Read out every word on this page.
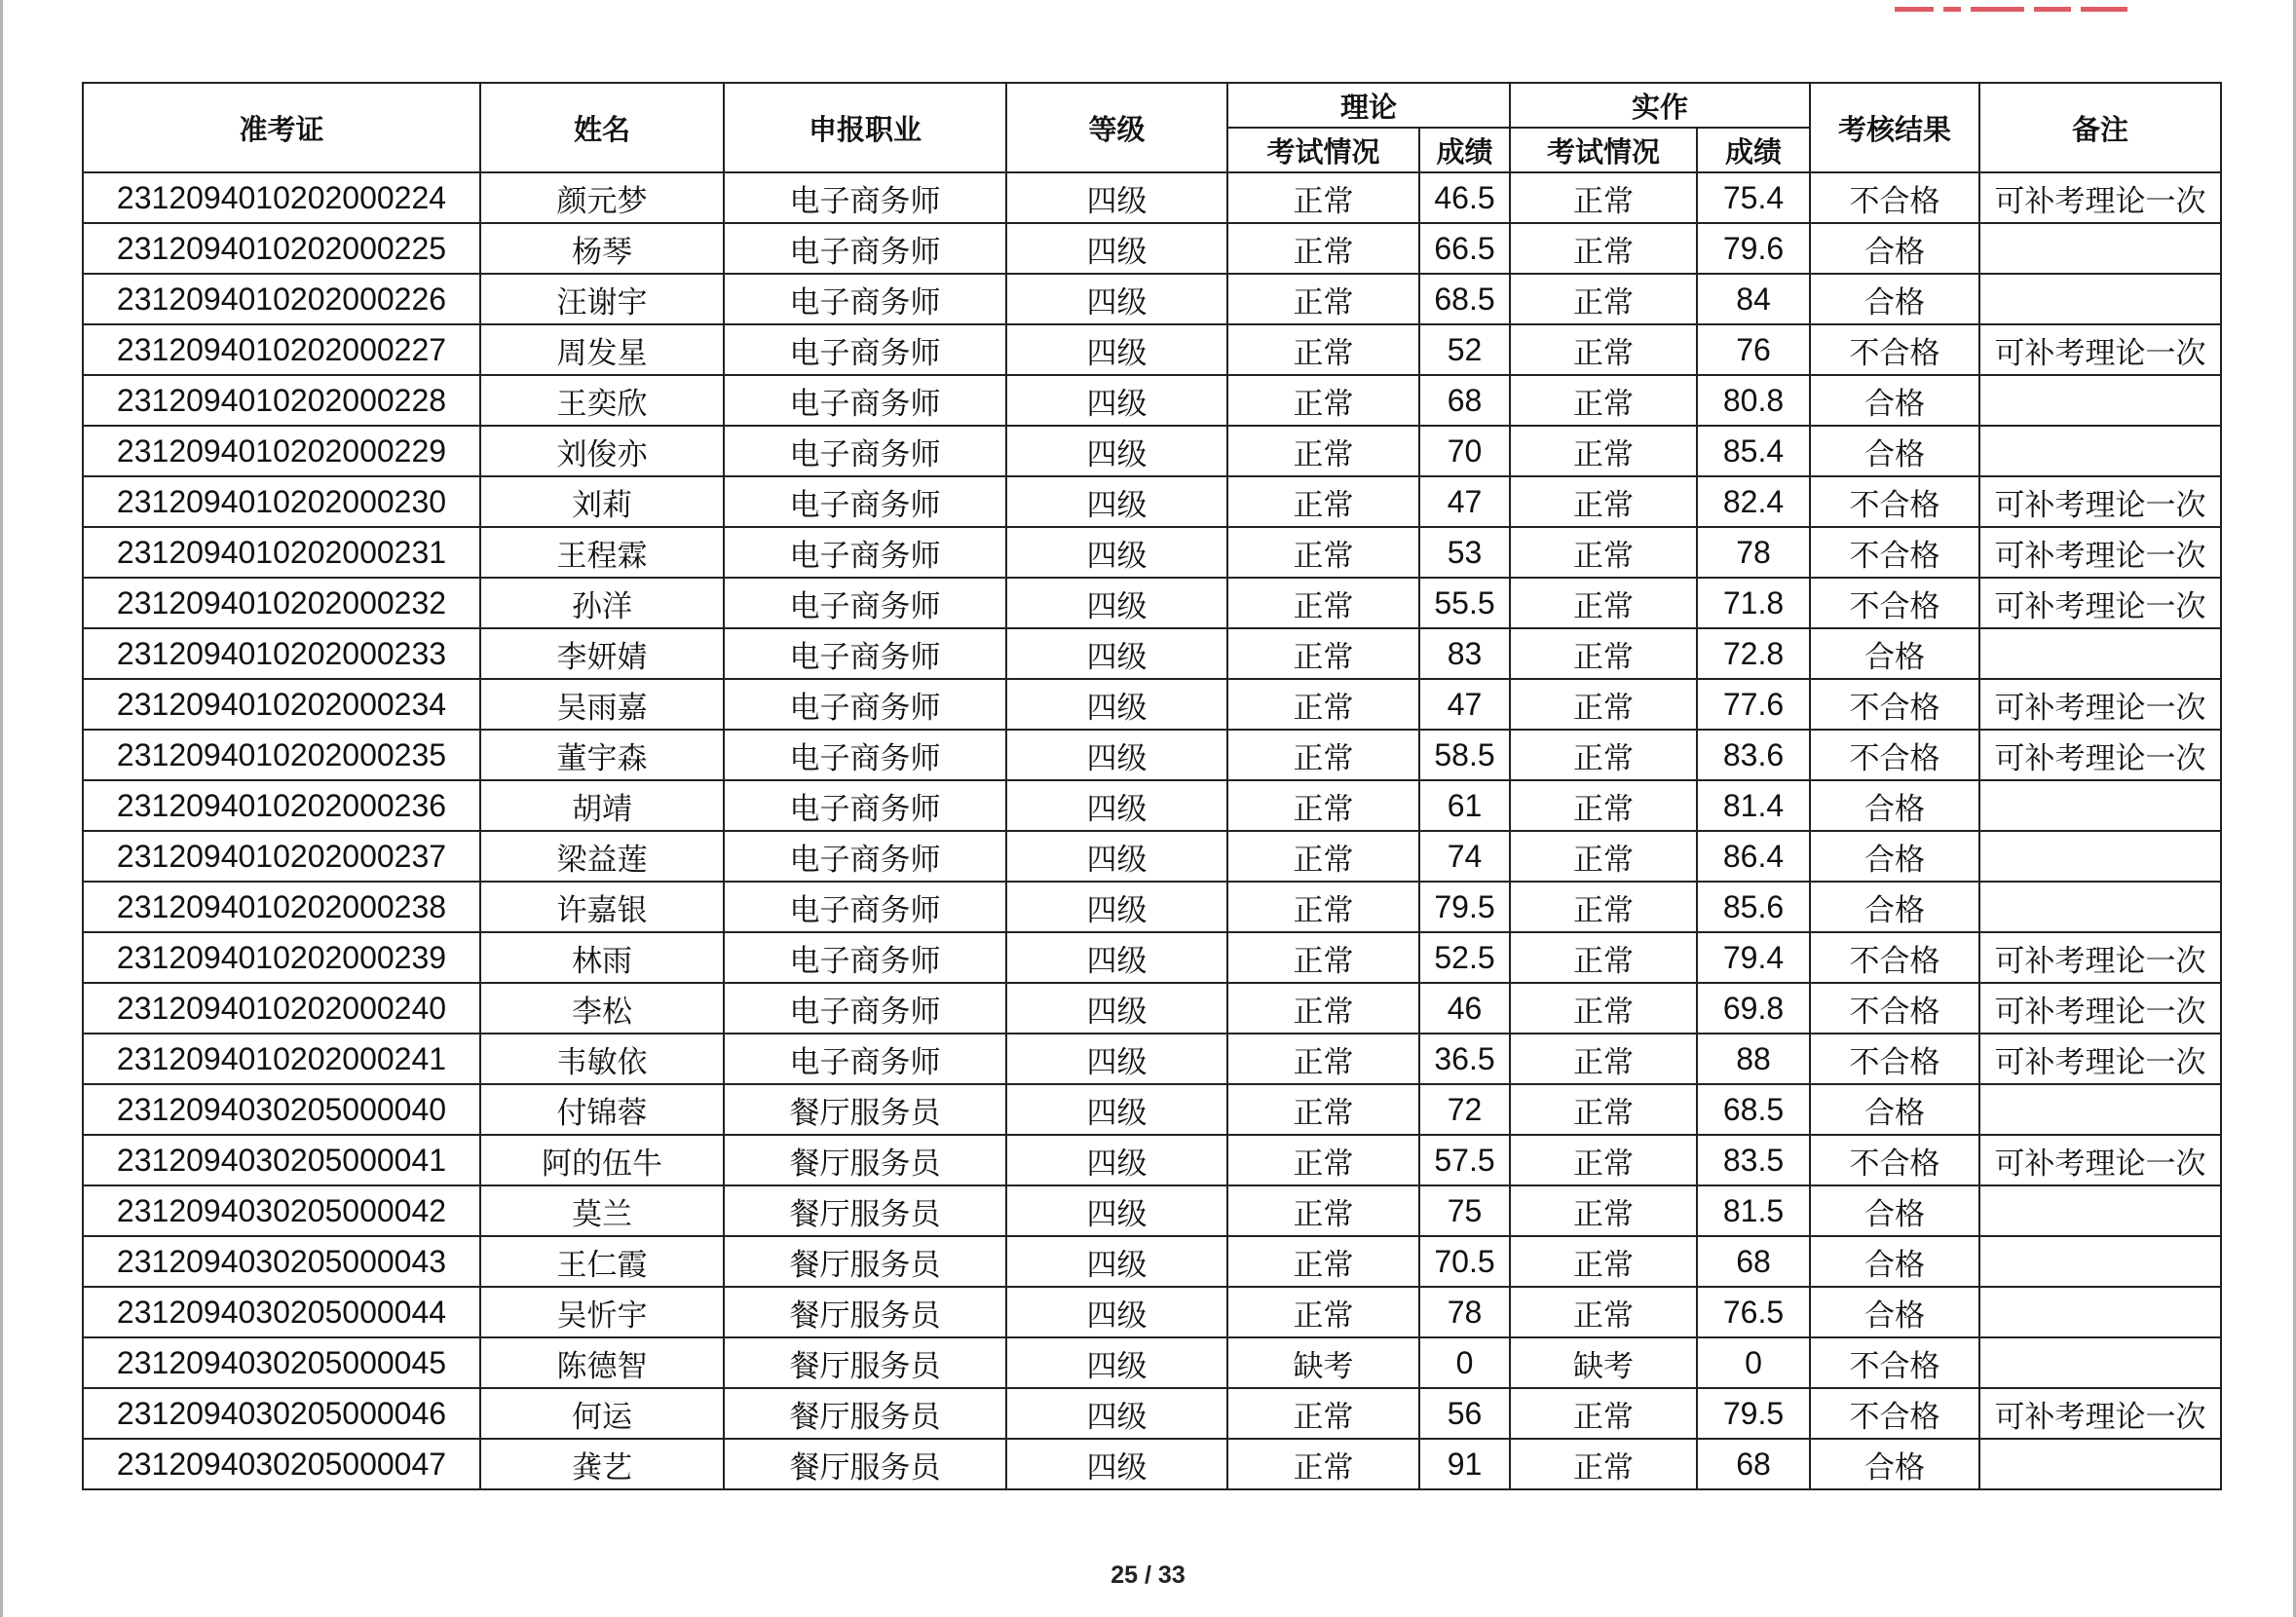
准考证	姓名	申报职业	等级	理论		实作		考核结果	备注
				考试情况	成绩	考试情况	成绩		
2312094010202000224	颜元梦	电子商务师	四级	正常	46.5	正常	75.4	不合格	可补考理论一次
2312094010202000225	杨琴	电子商务师	四级	正常	66.5	正常	79.6	合格	
2312094010202000226	汪谢宇	电子商务师	四级	正常	68.5	正常	84	合格	
2312094010202000227	周发星	电子商务师	四级	正常	52	正常	76	不合格	可补考理论一次
2312094010202000228	王奕欣	电子商务师	四级	正常	68	正常	80.8	合格	
2312094010202000229	刘俊亦	电子商务师	四级	正常	70	正常	85.4	合格	
2312094010202000230	刘莉	电子商务师	四级	正常	47	正常	82.4	不合格	可补考理论一次
2312094010202000231	王程霖	电子商务师	四级	正常	53	正常	78	不合格	可补考理论一次
2312094010202000232	孙洋	电子商务师	四级	正常	55.5	正常	71.8	不合格	可补考理论一次
2312094010202000233	李妍婧	电子商务师	四级	正常	83	正常	72.8	合格	
2312094010202000234	吴雨嘉	电子商务师	四级	正常	47	正常	77.6	不合格	可补考理论一次
2312094010202000235	董宇森	电子商务师	四级	正常	58.5	正常	83.6	不合格	可补考理论一次
2312094010202000236	胡靖	电子商务师	四级	正常	61	正常	81.4	合格	
2312094010202000237	梁益莲	电子商务师	四级	正常	74	正常	86.4	合格	
2312094010202000238	许嘉银	电子商务师	四级	正常	79.5	正常	85.6	合格	
2312094010202000239	林雨	电子商务师	四级	正常	52.5	正常	79.4	不合格	可补考理论一次
2312094010202000240	李松	电子商务师	四级	正常	46	正常	69.8	不合格	可补考理论一次
2312094010202000241	韦敏依	电子商务师	四级	正常	36.5	正常	88	不合格	可补考理论一次
2312094030205000040	付锦蓉	餐厅服务员	四级	正常	72	正常	68.5	合格	
2312094030205000041	阿的伍牛	餐厅服务员	四级	正常	57.5	正常	83.5	不合格	可补考理论一次
2312094030205000042	莫兰	餐厅服务员	四级	正常	75	正常	81.5	合格	
2312094030205000043	王仁霞	餐厅服务员	四级	正常	70.5	正常	68	合格	
2312094030205000044	吴忻宇	餐厅服务员	四级	正常	78	正常	76.5	合格	
2312094030205000045	陈德智	餐厅服务员	四级	缺考	0	缺考	0	不合格	
2312094030205000046	何运	餐厅服务员	四级	正常	56	正常	79.5	不合格	可补考理论一次
2312094030205000047	龚艺	餐厅服务员	四级	正常	91	正常	68	合格	
25 / 33
